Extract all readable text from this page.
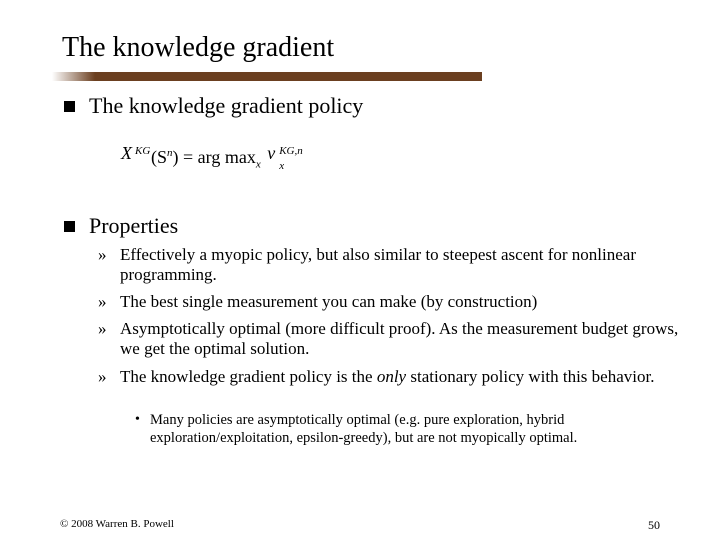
The knowledge gradient
The knowledge gradient policy
X KG $(S^n)$ = arg $\max_x$
v KG,n
x
Properties
» Effectively a myopic policy, but also similar to steepest ascent for nonlinear programming.
» The best single measurement you can make (by construction)
» Asymptotically optimal (more difficult proof). As the measurement budget grows, we get the optimal solution.
» The knowledge gradient policy is the only stationary policy with this behavior.
• Many policies are asymptotically optimal (e.g. pure exploration, hybrid exploration/exploitation, epsilon-greedy), but are not myopically optimal.
© 2008 Warren B. Powell	50
